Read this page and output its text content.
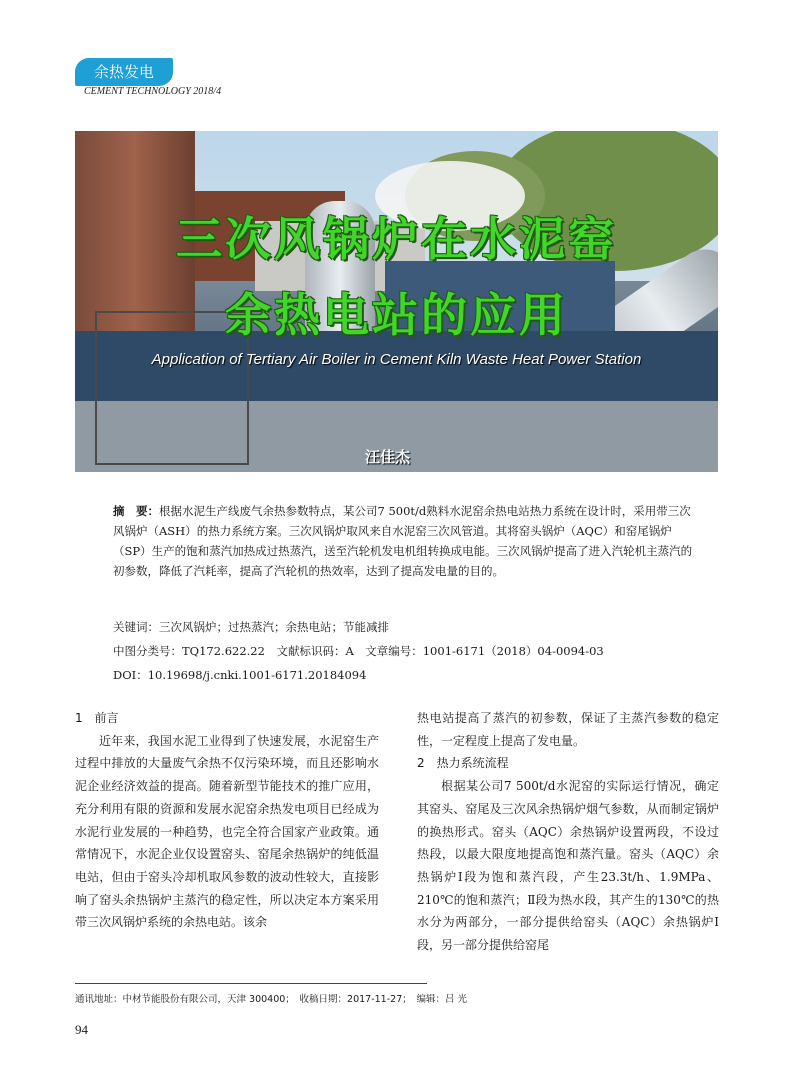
余热发电
CEMENT TECHNOLOGY 2018/4
三次风锅炉在水泥窑
余热电站的应用
Application of Tertiary Air Boiler in Cement Kiln Waste Heat Power Station
汪佳杰
摘　要：根据水泥生产线废气余热参数特点，某公司7 500t/d熟料水泥窑余热电站热力系统在设计时，采用带三次风锅炉（ASH）的热力系统方案。三次风锅炉取风来自水泥窑三次风管道。其将窑头锅炉（AQC）和窑尾锅炉（SP）生产的饱和蒸汽加热成过热蒸汽，送至汽轮机发电机组转换成电能。三次风锅炉提高了进入汽轮机主蒸汽的初参数，降低了汽耗率，提高了汽轮机的热效率，达到了提高发电量的目的。
关键词：三次风锅炉；过热蒸汽；余热电站；节能减排
中图分类号：TQ172.622.22　文献标识码：A　文章编号：1001-6171（2018）04-0094-03
DOI：10.19698/j.cnki.1001-6171.20184094

1　前言

近年来，我国水泥工业得到了快速发展，水泥窑生产过程中排放的大量废气余热不仅污染环境，而且还影响水泥企业经济效益的提高。随着新型节能技术的推广应用，充分利用有限的资源和发展水泥窑余热发电项目已经成为水泥行业发展的一种趋势，也完全符合国家产业政策。通常情况下，水泥企业仅设置窑头、窑尾余热锅炉的纯低温电站，但由于窑头冷却机取风参数的波动性较大，直接影响了窑头余热锅炉主蒸汽的稳定性，所以决定本方案采用带三次风锅炉系统的余热电站。该余

热电站提高了蒸汽的初参数，保证了主蒸汽参数的稳定性，一定程度上提高了发电量。

2　热力系统流程

根据某公司7 500t/d水泥窑的实际运行情况，确定其窑头、窑尾及三次风余热锅炉烟气参数，从而制定锅炉的换热形式。窑头（AQC）余热锅炉设置两段，不设过热段，以最大限度地提高饱和蒸汽量。窑头（AQC）余热锅炉Ⅰ段为饱和蒸汽段，产生23.3t/h、1.9MPa、210℃的饱和蒸汽；Ⅱ段为热水段，其产生的130℃的热水分为两部分，一部分提供给窑头（AQC）余热锅炉Ⅰ段，另一部分提供给窑尾

通讯地址：中材节能股份有限公司，天津 300400；　收稿日期：2017-11-27；　编辑：吕 光
94
